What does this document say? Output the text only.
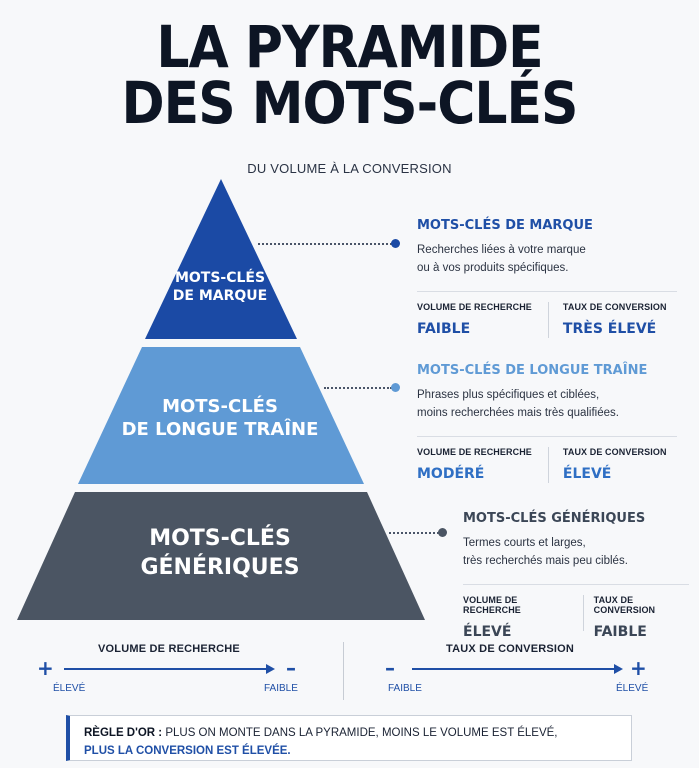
LA PYRAMIDE
DES MOTS-CLÉS
DU VOLUME À LA CONVERSION
MOTS-CLÉS
DE MARQUE
MOTS-CLÉS
DE LONGUE TRAÎNE
MOTS-CLÉS
GÉNÉRIQUES
MOTS-CLÉS DE MARQUE
Recherches liées à votre marque
ou à vos produits spécifiques.
VOLUME DE RECHERCHE
FAIBLE
TAUX DE CONVERSION
TRÈS ÉLEVÉ
MOTS-CLÉS DE LONGUE TRAÎNE
Phrases plus spécifiques et ciblées,
moins recherchées mais très qualifiées.
VOLUME DE RECHERCHE
MODÉRÉ
TAUX DE CONVERSION
ÉLEVÉ
MOTS-CLÉS GÉNÉRIQUES
Termes courts et larges,
très recherchés mais peu ciblés.
VOLUME DE RECHERCHE
ÉLEVÉ
TAUX DE CONVERSION
FAIBLE
VOLUME DE RECHERCHE
+	–
ÉLEVÉ	FAIBLE
TAUX DE CONVERSION
–	+
FAIBLE	ÉLEVÉ
RÈGLE D'OR : PLUS ON MONTE DANS LA PYRAMIDE, MOINS LE VOLUME EST ÉLEVÉ,
PLUS LA CONVERSION EST ÉLEVÉE.
